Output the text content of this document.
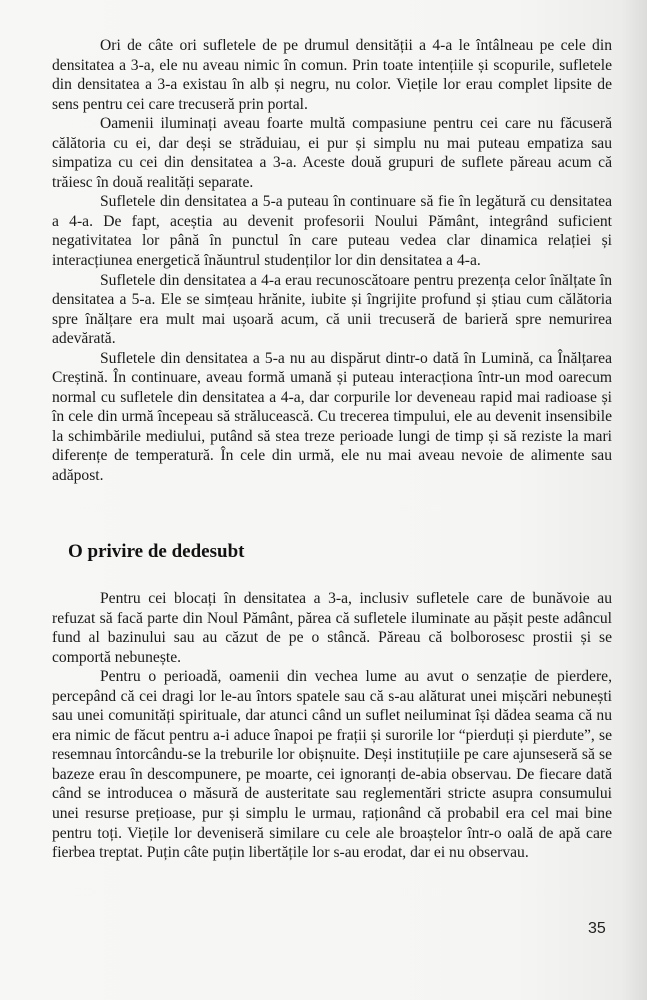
Ori de câte ori sufletele de pe drumul densității a 4-a le întâlneau pe cele din densitatea a 3-a, ele nu aveau nimic în comun. Prin toate intențiile și scopurile, sufletele din densitatea a 3-a existau în alb și negru, nu color. Viețile lor erau complet lipsite de sens pentru cei care trecuseră prin portal.

Oamenii iluminați aveau foarte multă compasiune pentru cei care nu făcuseră călătoria cu ei, dar deși se străduiau, ei pur și simplu nu mai puteau empatiza sau simpatiza cu cei din densitatea a 3-a. Aceste două grupuri de suflete păreau acum că trăiesc în două realități separate.

Sufletele din densitatea a 5-a puteau în continuare să fie în legătură cu densitatea a 4-a. De fapt, aceștia au devenit profesorii Noului Pământ, integrând suficient negativitatea lor până în punctul în care puteau vedea clar dinamica relației și interacțiunea energetică înăuntrul studenților lor din densitatea a 4-a.

Sufletele din densitatea a 4-a erau recunoscătoare pentru prezența celor înălțate în densitatea a 5-a. Ele se simțeau hrănite, iubite și îngrijite profund și știau cum călătoria spre înălțare era mult mai ușoară acum, că unii trecuseră de barieră spre nemurirea adevărată.

Sufletele din densitatea a 5-a nu au dispărut dintr-o dată în Lumină, ca Înălțarea Creștină. În continuare, aveau formă umană și puteau interacționa într-un mod oarecum normal cu sufletele din densitatea a 4-a, dar corpurile lor deveneau rapid mai radioase și în cele din urmă începeau să strălucească. Cu trecerea timpului, ele au devenit insensibile la schimbările mediului, putând să stea treze perioade lungi de timp și să reziste la mari diferențe de temperatură. În cele din urmă, ele nu mai aveau nevoie de alimente sau adăpost.

O privire de dedesubt

Pentru cei blocați în densitatea a 3-a, inclusiv sufletele care de bunăvoie au refuzat să facă parte din Noul Pământ, părea că sufletele iluminate au pășit peste adâncul fund al bazinului sau au căzut de pe o stâncă. Păreau că bolborosesc prostii și se comportă nebunește.

Pentru o perioadă, oamenii din vechea lume au avut o senzație de pierdere, percepând că cei dragi lor le-au întors spatele sau că s-au alăturat unei mișcări nebunești sau unei comunități spirituale, dar atunci când un suflet neiluminat își dădea seama că nu era nimic de făcut pentru a-i aduce înapoi pe frații și surorile lor “pierduți și pierdute”, se resemnau întorcându-se la treburile lor obișnuite. Deși instituțiile pe care ajunseseră să se bazeze erau în descompunere, pe moarte, cei ignoranți de-abia observau. De fiecare dată când se introducea o măsură de austeritate sau reglementări stricte asupra consumului unei resurse prețioase, pur și simplu le urmau, raționând că probabil era cel mai bine pentru toți. Viețile lor deveniseră similare cu cele ale broaștelor într-o oală de apă care fierbea treptat. Puțin câte puțin libertățile lor s-au erodat, dar ei nu observau.

35
